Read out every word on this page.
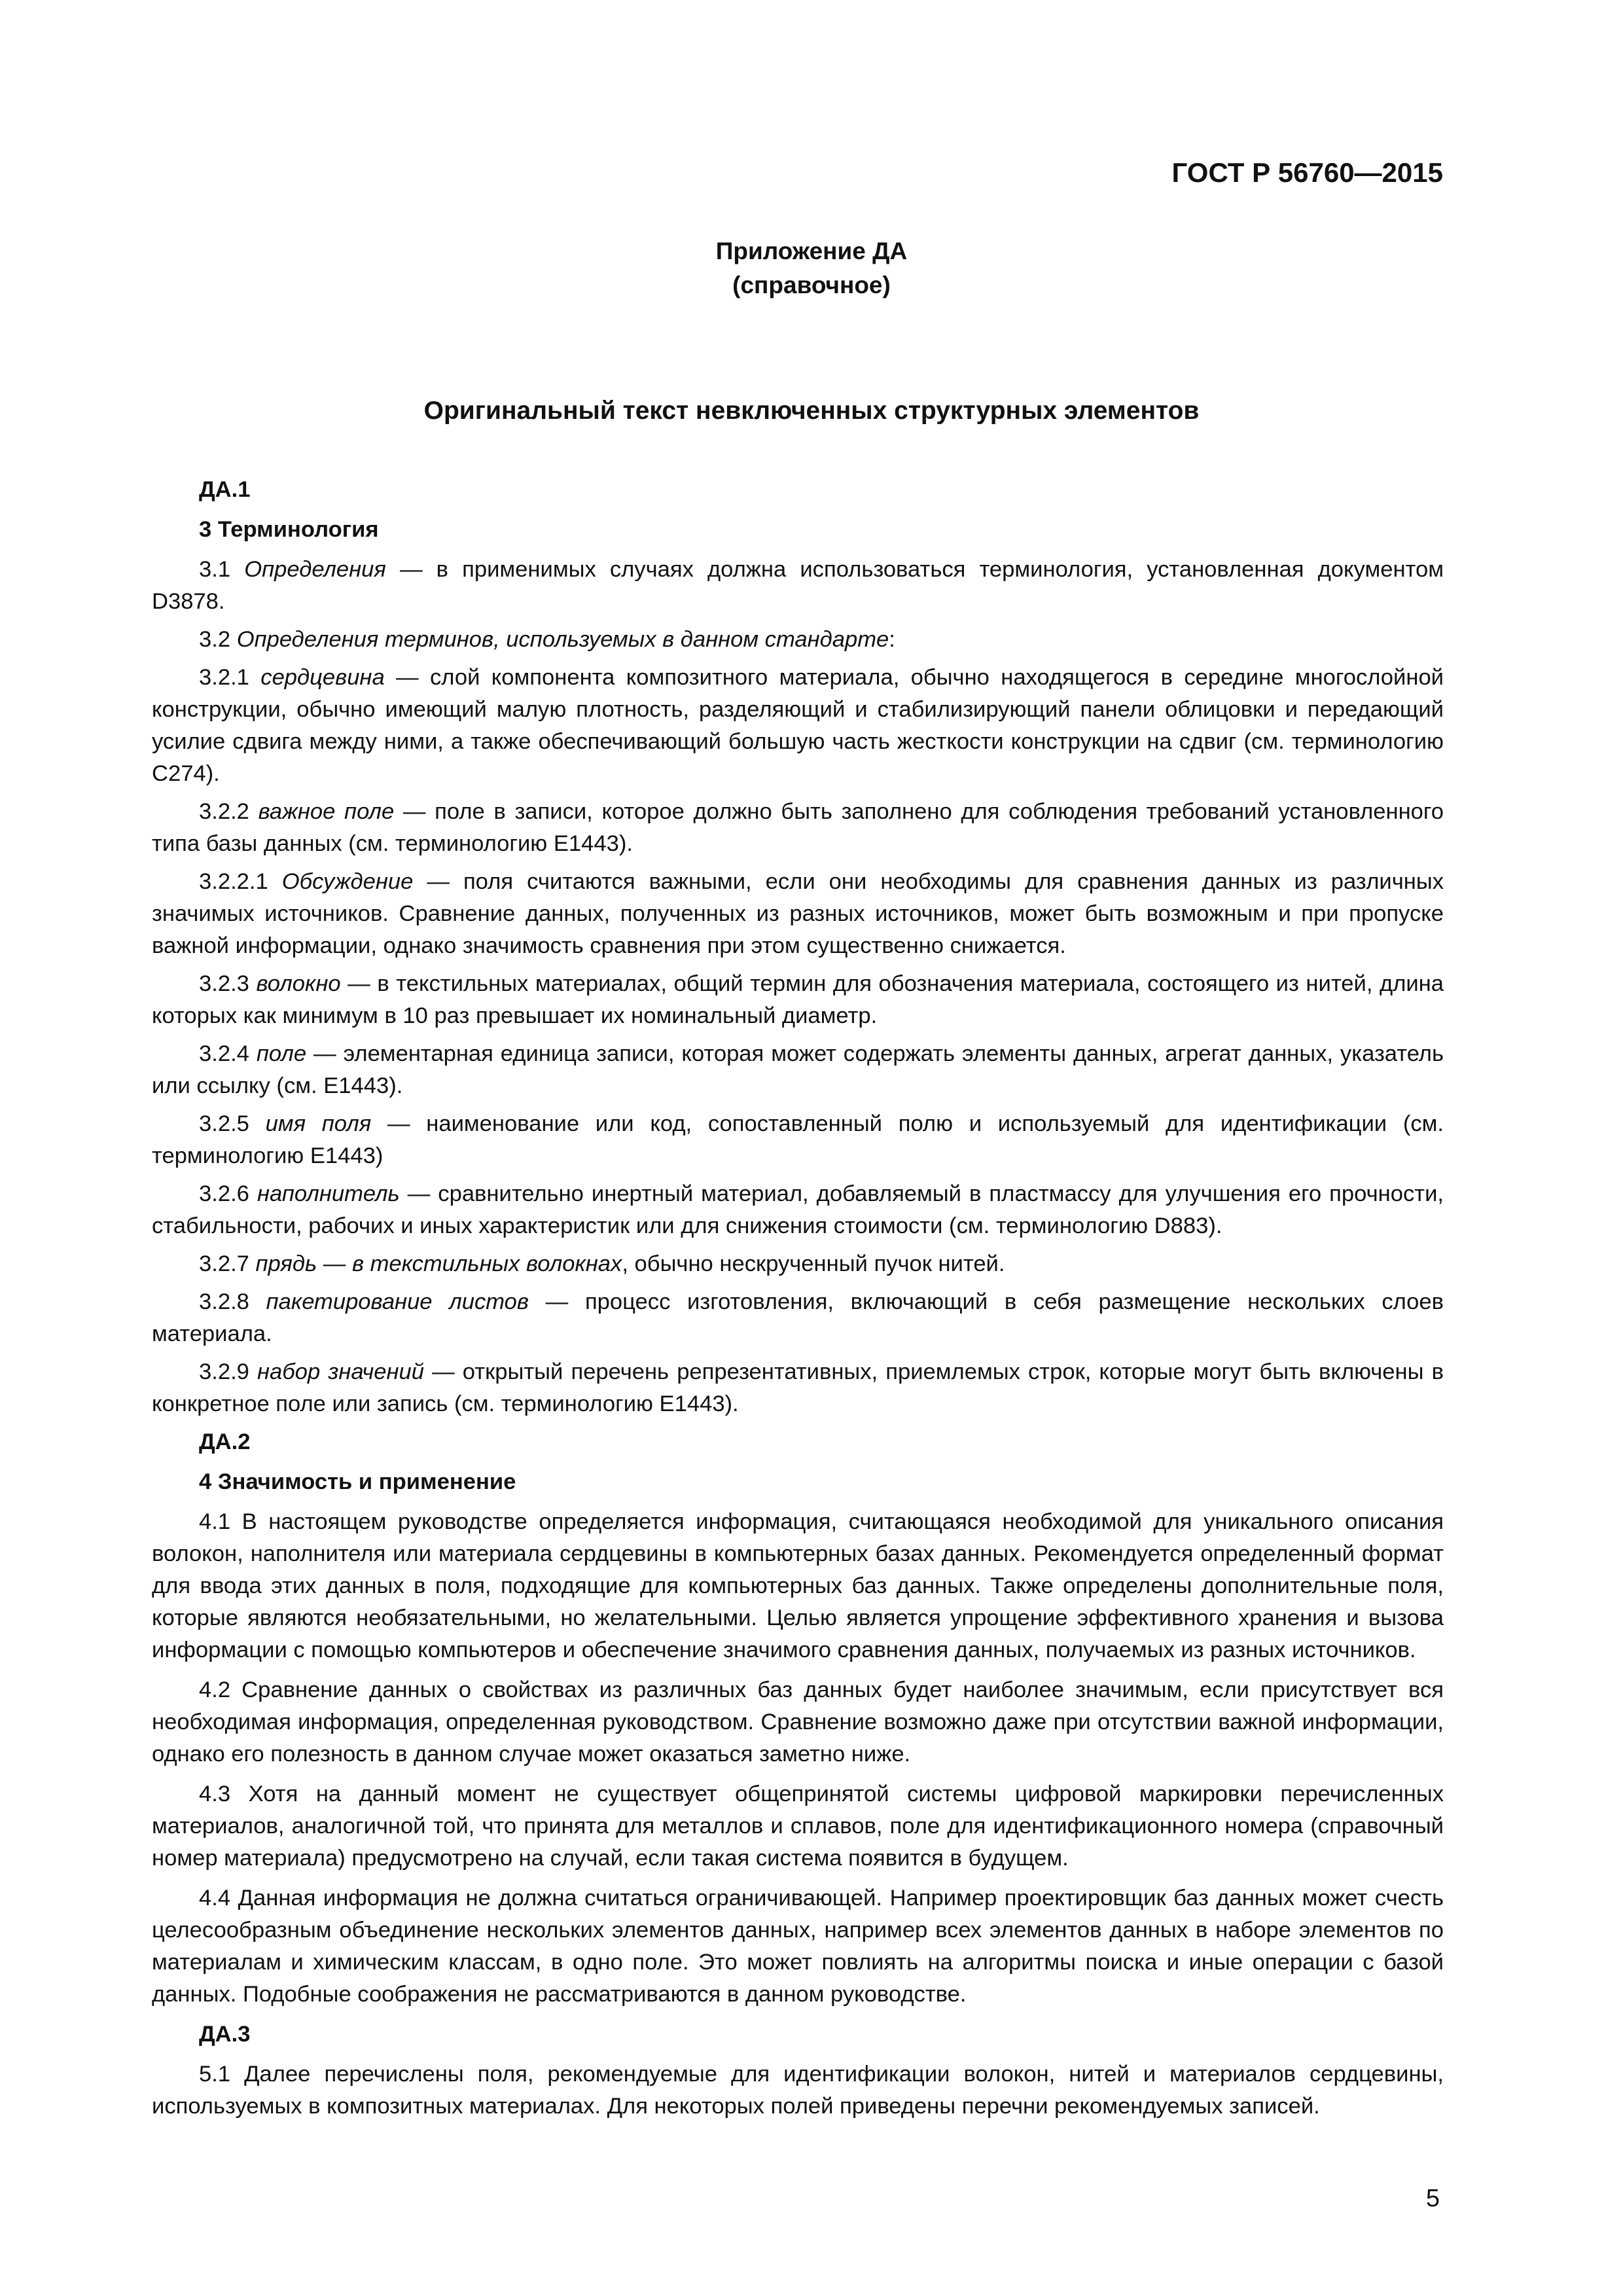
ГОСТ Р 56760—2015

Приложение ДА
(справочное)

Оригинальный текст невключенных структурных элементов

ДА.1

3 Терминология

3.1 Определения — в применимых случаях должна использоваться терминология, установленная документом D3878.

3.2 Определения терминов, используемых в данном стандарте:

3.2.1 сердцевина — слой компонента композитного материала, обычно находящегося в середине многослойной конструкции, обычно имеющий малую плотность, разделяющий и стабилизирующий панели облицовки и передающий усилие сдвига между ними, а также обеспечивающий большую часть жесткости конструкции на сдвиг (см. терминологию C274).

3.2.2 важное поле — поле в записи, которое должно быть заполнено для соблюдения требований установленного типа базы данных (см. терминологию Е1443).

3.2.2.1 Обсуждение — поля считаются важными, если они необходимы для сравнения данных из различных значимых источников. Сравнение данных, полученных из разных источников, может быть возможным и при пропуске важной информации, однако значимость сравнения при этом существенно снижается.

3.2.3 волокно — в текстильных материалах, общий термин для обозначения материала, состоящего из нитей, длина которых как минимум в 10 раз превышает их номинальный диаметр.

3.2.4 поле — элементарная единица записи, которая может содержать элементы данных, агрегат данных, указатель или ссылку (см. Е1443).

3.2.5 имя поля — наименование или код, сопоставленный полю и используемый для идентификации (см. терминологию Е1443)

3.2.6 наполнитель — сравнительно инертный материал, добавляемый в пластмассу для улучшения его прочности, стабильности, рабочих и иных характеристик или для снижения стоимости (см. терминологию D883).

3.2.7 прядь — в текстильных волокнах, обычно нескрученный пучок нитей.

3.2.8 пакетирование листов — процесс изготовления, включающий в себя размещение нескольких слоев материала.

3.2.9 набор значений — открытый перечень репрезентативных, приемлемых строк, которые могут быть включены в конкретное поле или запись (см. терминологию Е1443).

ДА.2

4 Значимость и применение

4.1 В настоящем руководстве определяется информация, считающаяся необходимой для уникального описания волокон, наполнителя или материала сердцевины в компьютерных базах данных. Рекомендуется определенный формат для ввода этих данных в поля, подходящие для компьютерных баз данных. Также определены дополнительные поля, которые являются необязательными, но желательными. Целью является упрощение эффективного хранения и вызова информации с помощью компьютеров и обеспечение значимого сравнения данных, получаемых из разных источников.

4.2 Сравнение данных о свойствах из различных баз данных будет наиболее значимым, если присутствует вся необходимая информация, определенная руководством. Сравнение возможно даже при отсутствии важной информации, однако его полезность в данном случае может оказаться заметно ниже.

4.3 Хотя на данный момент не существует общепринятой системы цифровой маркировки перечисленных материалов, аналогичной той, что принята для металлов и сплавов, поле для идентификационного номера (справочный номер материала) предусмотрено на случай, если такая система появится в будущем.

4.4 Данная информация не должна считаться ограничивающей. Например проектировщик баз данных может счесть целесообразным объединение нескольких элементов данных, например всех элементов данных в наборе элементов по материалам и химическим классам, в одно поле. Это может повлиять на алгоритмы поиска и иные операции с базой данных. Подобные соображения не рассматриваются в данном руководстве.

ДА.3

5.1 Далее перечислены поля, рекомендуемые для идентификации волокон, нитей и материалов сердцевины, используемых в композитных материалах. Для некоторых полей приведены перечни рекомендуемых записей.

5
